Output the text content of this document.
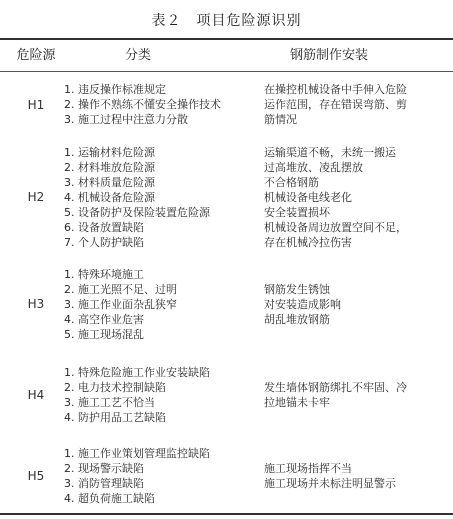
表２　项目危险源识别
危险源	分类	钢筋制作安装
H1
1. 违反操作标准规定
2. 操作不熟练不懂安全操作技术
3. 施工过程中注意力分散
在操控机械设备中手伸入危险
运作范围，存在错误弯筋、剪
筋情况
H2
1. 运输材料危险源
2. 材料堆放危险源
3. 材料质量危险源
4. 机械设备危险源
5. 设备防护及保险装置危险源
6. 设备放置缺陷
7. 个人防护缺陷
运输渠道不畅，未统一搬运
过高堆放、凌乱摆放
不合格钢筋
机械设备电线老化
安全装置损坏
机械设备周边放置空间不足，
存在机械冷拉伤害
H3
1. 特殊环境施工
2. 施工光照不足、过明
3. 施工作业面杂乱狭窄
4. 高空作业危害
5. 施工现场混乱
钢筋发生锈蚀
对安装造成影响
胡乱堆放钢筋
H4
1. 特殊危险施工作业安装缺陷
2. 电力技术控制缺陷
3. 施工工艺不恰当
4. 防护用品工艺缺陷
发生墙体钢筋绑扎不牢固、冷
拉地锚未卡牢
H5
1. 施工作业策划管理监控缺陷
2. 现场警示缺陷
3. 消防管理缺陷
4. 超负荷施工缺陷
施工现场指挥不当
施工现场并未标注明显警示
